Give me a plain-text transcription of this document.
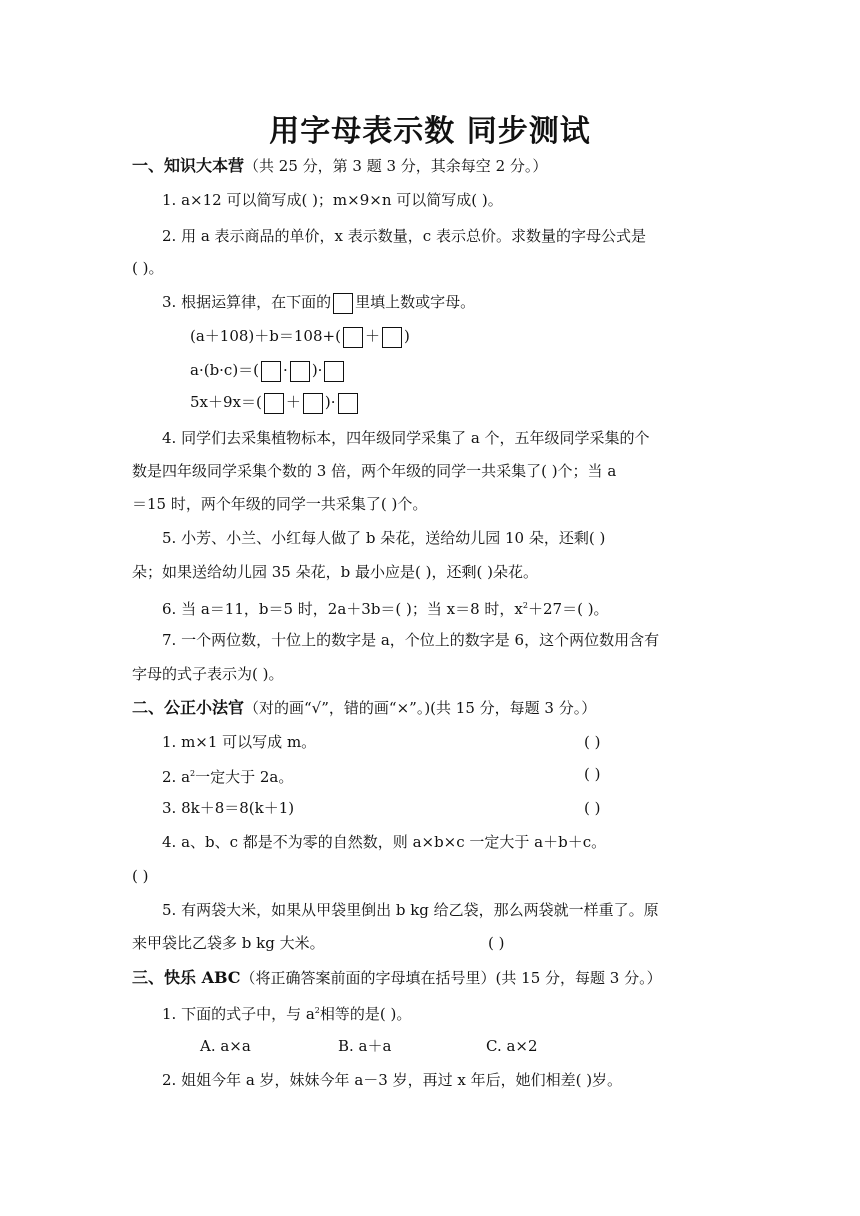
用字母表示数 同步测试
一、知识大本营（共 25 分，第 3 题 3 分，其余每空 2 分。）
1. a×12 可以简写成( )；m×9×n 可以简写成( )。
2. 用 a 表示商品的单价，x 表示数量，c 表示总价。求数量的字母公式是
( )。
3. 根据运算律，在下面的 里填上数或字母。
(a＋108)＋b＝108+( ＋ )
a·(b·c)＝( · )·
5x＋9x＝( ＋ )·
4. 同学们去采集植物标本，四年级同学采集了 a 个，五年级同学采集的个
数是四年级同学采集个数的 3 倍，两个年级的同学一共采集了( )个；当 a
＝15 时，两个年级的同学一共采集了( )个。
5. 小芳、小兰、小红每人做了 b 朵花，送给幼儿园 10 朵，还剩( )
朵；如果送给幼儿园 35 朵花，b 最小应是( )，还剩( )朵花。
6. 当 a＝11，b＝5 时，2a＋3b＝( )；当 x＝8 时，$x^2+27=$( )。
7. 一个两位数，十位上的数字是 a，个位上的数字是 6，这个两位数用含有
字母的式子表示为( )。
二、公正小法官（对的画“√”，错的画“×”。)(共 15 分，每题 3 分。）
1. m×1 可以写成 m。	( )
2. $a^2$一定大于 2a。	( )
3. 8k＋8＝8(k＋1)	( )
4. a、b、c 都是不为零的自然数，则 a×b×c 一定大于 a＋b＋c。
( )
5. 有两袋大米，如果从甲袋里倒出 b kg 给乙袋，那么两袋就一样重了。原
来甲袋比乙袋多 b kg 大米。	( )
三、快乐 ABC（将正确答案前面的字母填在括号里）(共 15 分，每题 3 分。）
1. 下面的式子中，与 $a^2$相等的是( )。
A. a×a	B. a＋a	C. a×2
2. 姐姐今年 a 岁，妹妹今年 a－3 岁，再过 x 年后，她们相差( )岁。
